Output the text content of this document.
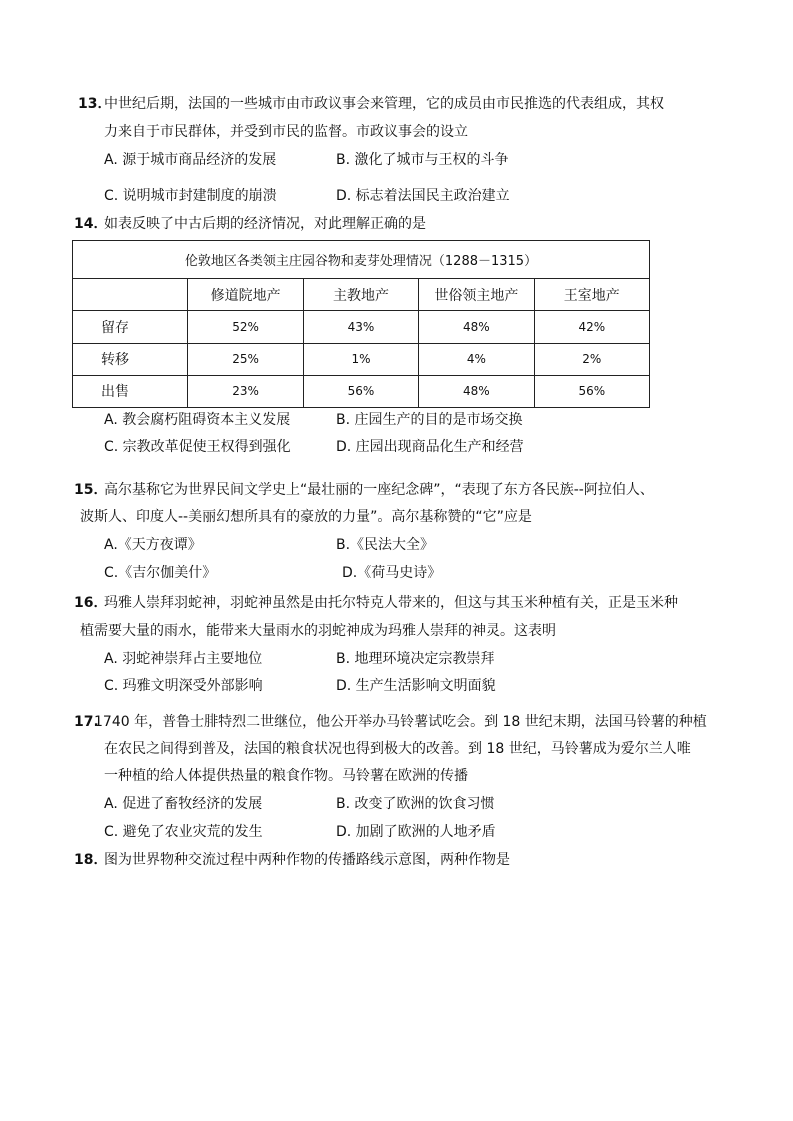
13．
中世纪后期，法国的一些城市由市政议事会来管理，它的成员由市民推选的代表组成，其权
力来自于市民群体，并受到市民的监督。市政议事会的设立
A. 源于城市商品经济的发展	B. 激化了城市与王权的斗争
C. 说明城市封建制度的崩溃	D. 标志着法国民主政治建立
14．
如表反映了中古后期的经济情况，对此理解正确的是
伦敦地区各类领主庄园谷物和麦芽处理情况（1288－1315）				
	修道院地产	主教地产	世俗领主地产	王室地产
留存	52%	43%	48%	42%
转移	25%	1%	4%	2%
出售	23%	56%	48%	56%
A. 教会腐朽阻碍资本主义发展	B. 庄园生产的目的是市场交换
C. 宗教改革促使王权得到强化	D. 庄园出现商品化生产和经营
15．
高尔基称它为世界民间文学史上“最壮丽的一座纪念碑”，“表现了东方各民族--阿拉伯人、
波斯人、印度人--美丽幻想所具有的豪放的力量”。高尔基称赞的“它”应是
A.《天方夜谭》	B.《民法大全》
C.《吉尔伽美什》	D.《荷马史诗》
16．
玛雅人崇拜羽蛇神，羽蛇神虽然是由托尔特克人带来的，但这与其玉米种植有关，正是玉米种
植需要大量的雨水，能带来大量雨水的羽蛇神成为玛雅人崇拜的神灵。这表明
A. 羽蛇神崇拜占主要地位	B. 地理环境决定宗教崇拜
C. 玛雅文明深受外部影响	D. 生产生活影响文明面貌
17.
1740 年，普鲁士腓特烈二世继位，他公开举办马铃薯试吃会。到 18 世纪末期，法国马铃薯的种植
在农民之间得到普及，法国的粮食状况也得到极大的改善。到 18 世纪，马铃薯成为爱尔兰人唯
一种植的给人体提供热量的粮食作物。马铃薯在欧洲的传播
A. 促进了畜牧经济的发展	B. 改变了欧洲的饮食习惯
C. 避免了农业灾荒的发生	D. 加剧了欧洲的人地矛盾
18．
图为世界物种交流过程中两种作物的传播路线示意图，两种作物是
